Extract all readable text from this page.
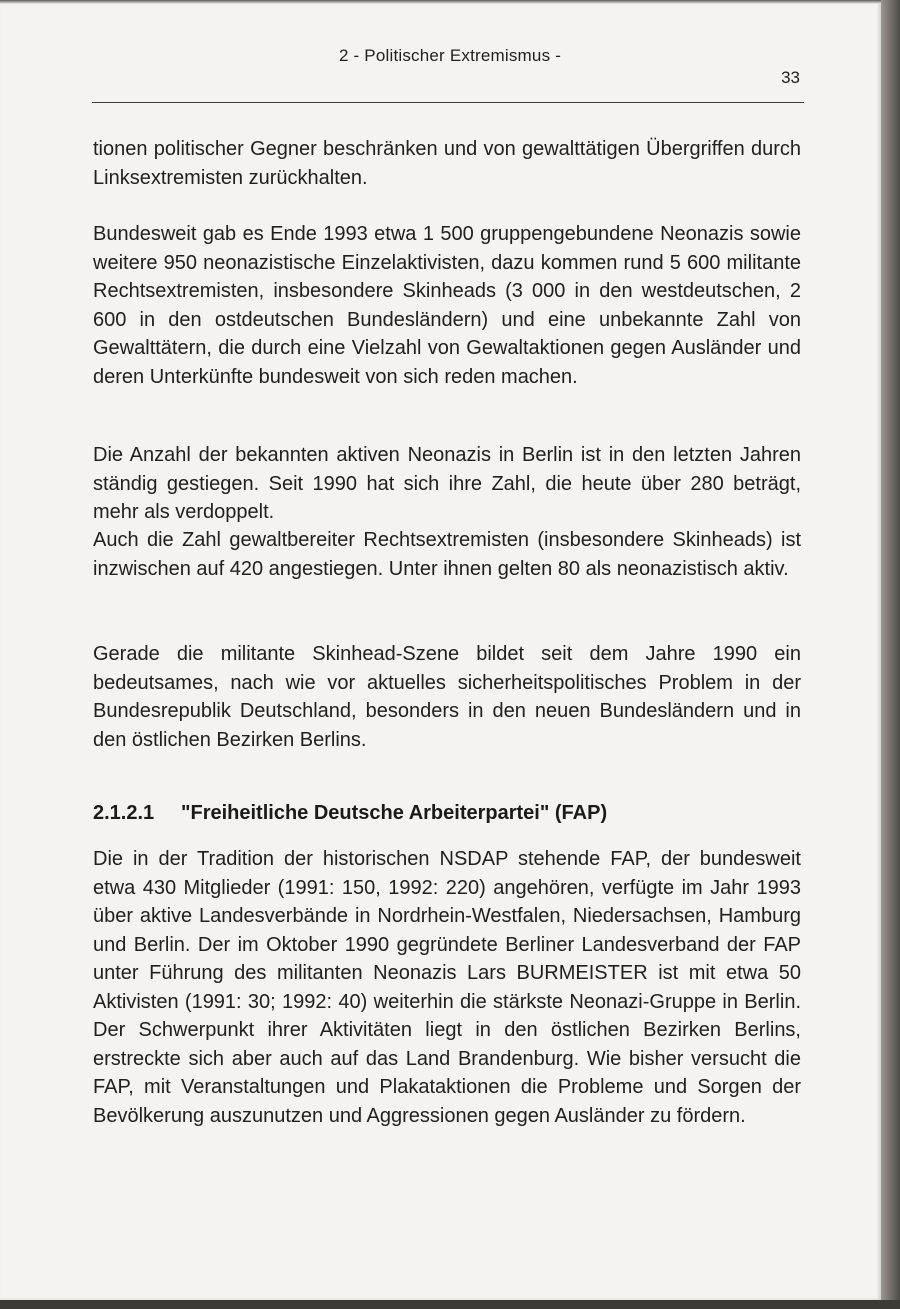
2 - Politischer Extremismus -
33

tionen politischer Gegner beschränken und von gewalttätigen Übergriffen durch Linksextremisten zurückhalten.

Bundesweit gab es Ende 1993 etwa 1 500 gruppengebundene Neonazis sowie weitere 950 neonazistische Einzelaktivisten, dazu kommen rund 5 600 militante Rechtsextremisten, insbesondere Skinheads (3 000 in den westdeutschen, 2 600 in den ostdeutschen Bundesländern) und eine unbekannte Zahl von Gewalttätern, die durch eine Vielzahl von Gewaltaktionen gegen Ausländer und deren Unterkünfte bundesweit von sich reden machen.

Die Anzahl der bekannten aktiven Neonazis in Berlin ist in den letzten Jahren ständig gestiegen. Seit 1990 hat sich ihre Zahl, die heute über 280 beträgt, mehr als verdoppelt.

Auch die Zahl gewaltbereiter Rechtsextremisten (insbesondere Skinheads) ist inzwischen auf 420 angestiegen. Unter ihnen gelten 80 als neonazistisch aktiv.

Gerade die militante Skinhead-Szene bildet seit dem Jahre 1990 ein bedeutsames, nach wie vor aktuelles sicherheitspolitisches Problem in der Bundesrepublik Deutschland, besonders in den neuen Bundesländern und in den östlichen Bezirken Berlins.

2.1.2.1 "Freiheitliche Deutsche Arbeiterpartei" (FAP)

Die in der Tradition der historischen NSDAP stehende FAP, der bundesweit etwa 430 Mitglieder (1991: 150, 1992: 220) angehören, verfügte im Jahr 1993 über aktive Landesverbände in Nordrhein-Westfalen, Niedersachsen, Hamburg und Berlin. Der im Oktober 1990 gegründete Berliner Landesverband der FAP unter Führung des militanten Neonazis Lars BURMEISTER ist mit etwa 50 Aktivisten (1991: 30; 1992: 40) weiterhin die stärkste Neonazi-Gruppe in Berlin. Der Schwerpunkt ihrer Aktivitäten liegt in den östlichen Bezirken Berlins, erstreckte sich aber auch auf das Land Brandenburg. Wie bisher versucht die FAP, mit Veranstaltungen und Plakataktionen die Probleme und Sorgen der Bevölkerung auszunutzen und Aggressionen gegen Ausländer zu fördern.
